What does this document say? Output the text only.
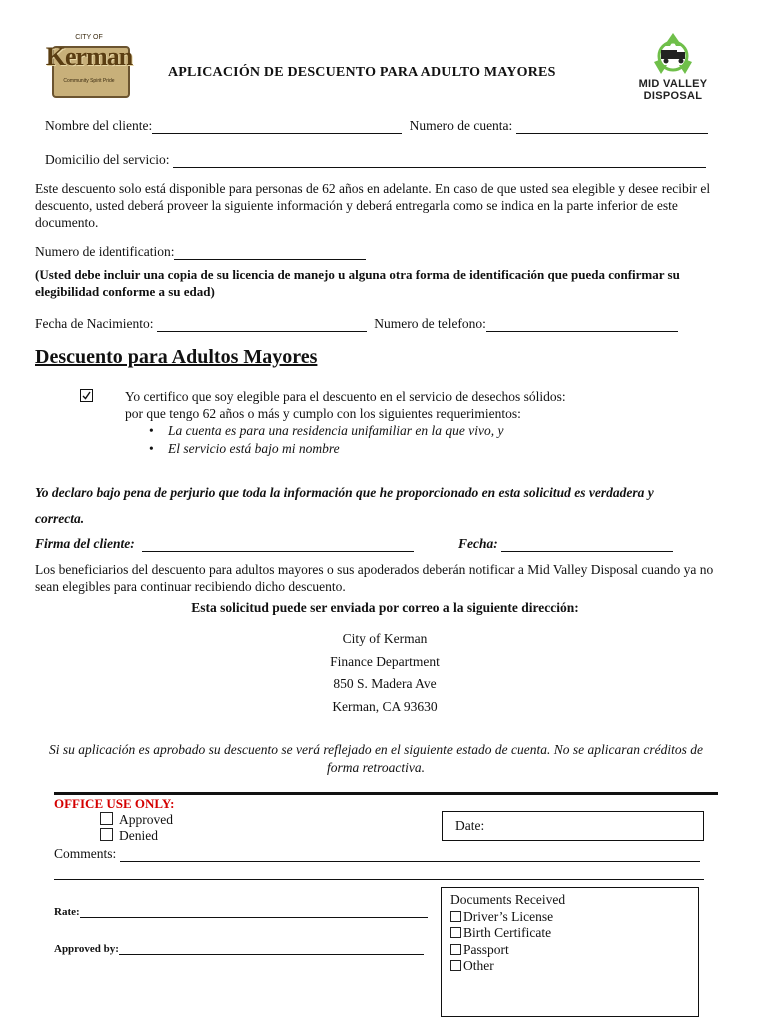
CITY OF
Kerman
Community Spirit Pride	MID VALLEY
DISPOSAL
APLICACIÓN DE DESCUENTO PARA ADULTO MAYORES
Nombre del cliente:	Numero de cuenta:
Domicilio del servicio:
Este descuento solo está disponible para personas de 62 años en adelante. En caso de que usted sea elegible y desee recibir el descuento, usted deberá proveer la siguiente información y deberá entregarla como se indica en la parte inferior de este documento.
Numero de identification:
(Usted debe incluir una copia de su licencia de manejo u alguna otra forma de identificación que pueda confirmar su elegibilidad conforme a su edad)
Fecha de Nacimiento:	Numero de telefono:
Descuento para Adultos Mayores
Yo certifico que soy elegible para el descuento en el servicio de desechos sólidos:
por que tengo 62 años o más y cumplo con los siguientes requerimientos:
• La cuenta es para una residencia unifamiliar en la que vivo, y
• El servicio está bajo mi nombre
Yo declaro bajo pena de perjurio que toda la información que he proporcionado en esta solicitud es verdadera y
correcta.
Firma del cliente:	Fecha:
Los beneficiarios del descuento para adultos mayores o sus apoderados deberán notificar a Mid Valley Disposal cuando ya no sean elegibles para continuar recibiendo dicho descuento.
Esta solicitud puede ser enviada por correo a la siguiente dirección:
City of Kerman
Finance Department
850 S. Madera Ave
Kerman, CA 93630
Si su aplicación es aprobado su descuento se verá reflejado en el siguiente estado de cuenta. No se aplicaran créditos de forma retroactiva.
OFFICE USE ONLY:
Approved
Denied
Date:
Comments:
Rate:
Approved by:
Documents Received
Driver’s License
Birth Certificate
Passport
Other
